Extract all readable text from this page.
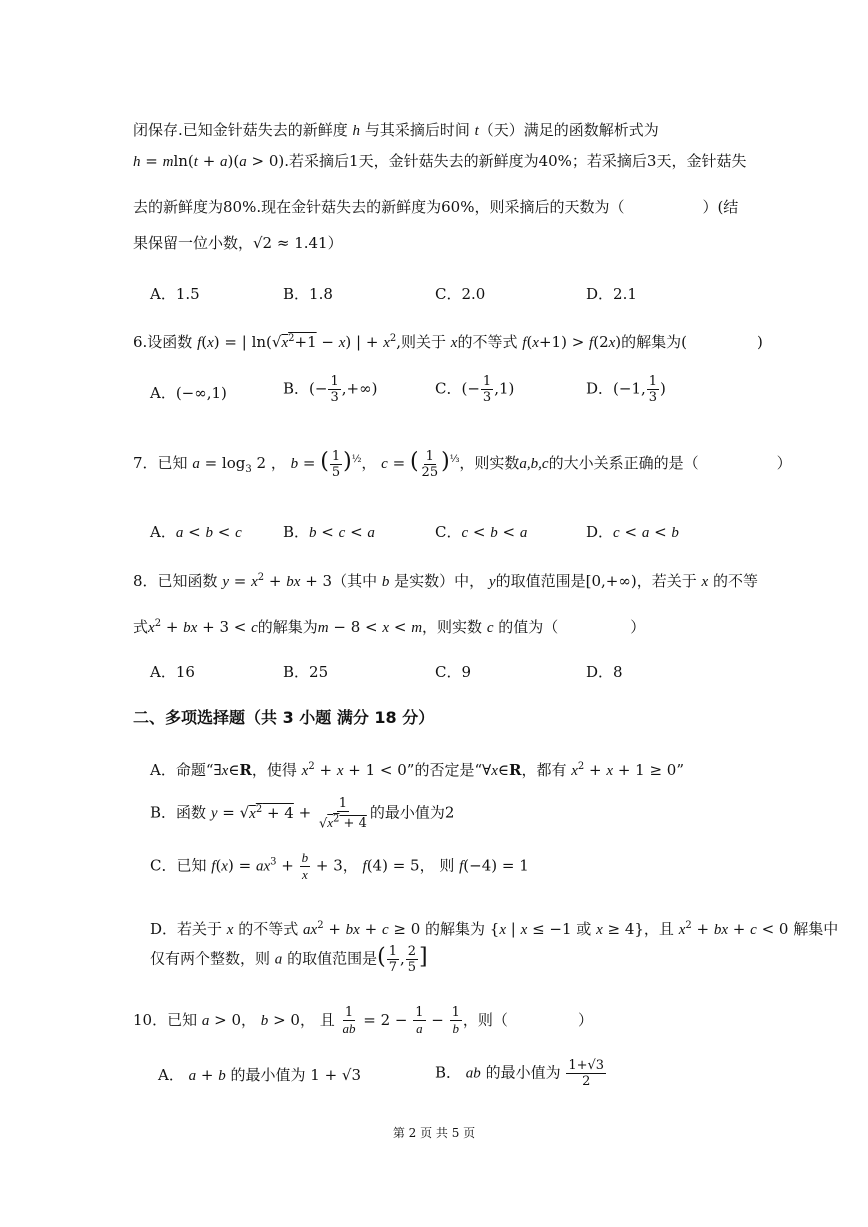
闭保存.已知金针菇失去的新鲜度 h 与其采摘后时间 t（天）满足的函数解析式为
h = mln(t + a)(a > 0).若采摘后1天，金针菇失去的新鲜度为40%；若采摘后3天，金针菇失
去的新鲜度为80%.现在金针菇失去的新鲜度为60%，则采摘后的天数为（	）(结
果保留一位小数，√2 ≈ 1.41）
A．1.5	B．1.8	C．2.0	D．2.1
6.设函数 f(x) = | $\ln(√x^2+1 - x)$ | + $x^2$,则关于 x的不等式 f(x+1) > f(2x)的解集为(	)
A．(−∞,1)	B．(− $\frac{1}{3}$ ,+∞)	C．(− $\frac{1}{3} ,1$)	D．(−1, $\frac{1}{3}$ )
7．已知 $a = \log_3 2$ ， b = ( $\frac{1}{5} )^{\frac{1}{2}}$， c = ( $\frac{1}{25} )^{\frac{1}{3}}$，则实数a,b,c的大小关系正确的是（	）
A．a < b < c	B．b < c < a	C．c < b < a	D．c < a < b
8．已知函数 $y = x^2$ + bx + 3（其中 b 是实数）中， y的取值范围是[0,+∞)，若关于 x 的不等
式$x^2$ + bx + 3 < c的解集为m − 8 < x < m，则实数 c 的值为（	）
A．16	B．25	C．9	D．8
二、多项选择题（共 3 小题 满分 18 分）
A．命题“∃x∈R，使得 $x^2 + x + 1 < 0$”的否定是“∀x∈R，都有 $x^2 + x + 1 \ge 0$”
B．函数 $y = √x^2 + 4 + \frac{1}{√x^2 + 4}$ 的最小值为2
C．已知 $f(x) = ax^3 + \frac{b}{x} + 3$， f(4) = 5， 则 f(−4) = 1
D．若关于 x 的不等式 $ax^2$ + bx + c ≥ 0 的解集为 {x | x ≤ −1 或 x ≥ 4}，且 $x^2$ + bx + c < 0 解集中
仅有两个整数，则 a 的取值范围是( $\frac{1}{7}$ , $\frac{2}{5}$ ]
10．已知 a > 0， b > 0， 且 $\frac{1}{ab} = 2 - \frac{1}{a} - \frac{1}{b}$ ，则（	）
A． a + b 的最小值为 1 + √3	B． ab 的最小值为 $\frac{1+√3}{2}$
第 2 页 共 5 页
